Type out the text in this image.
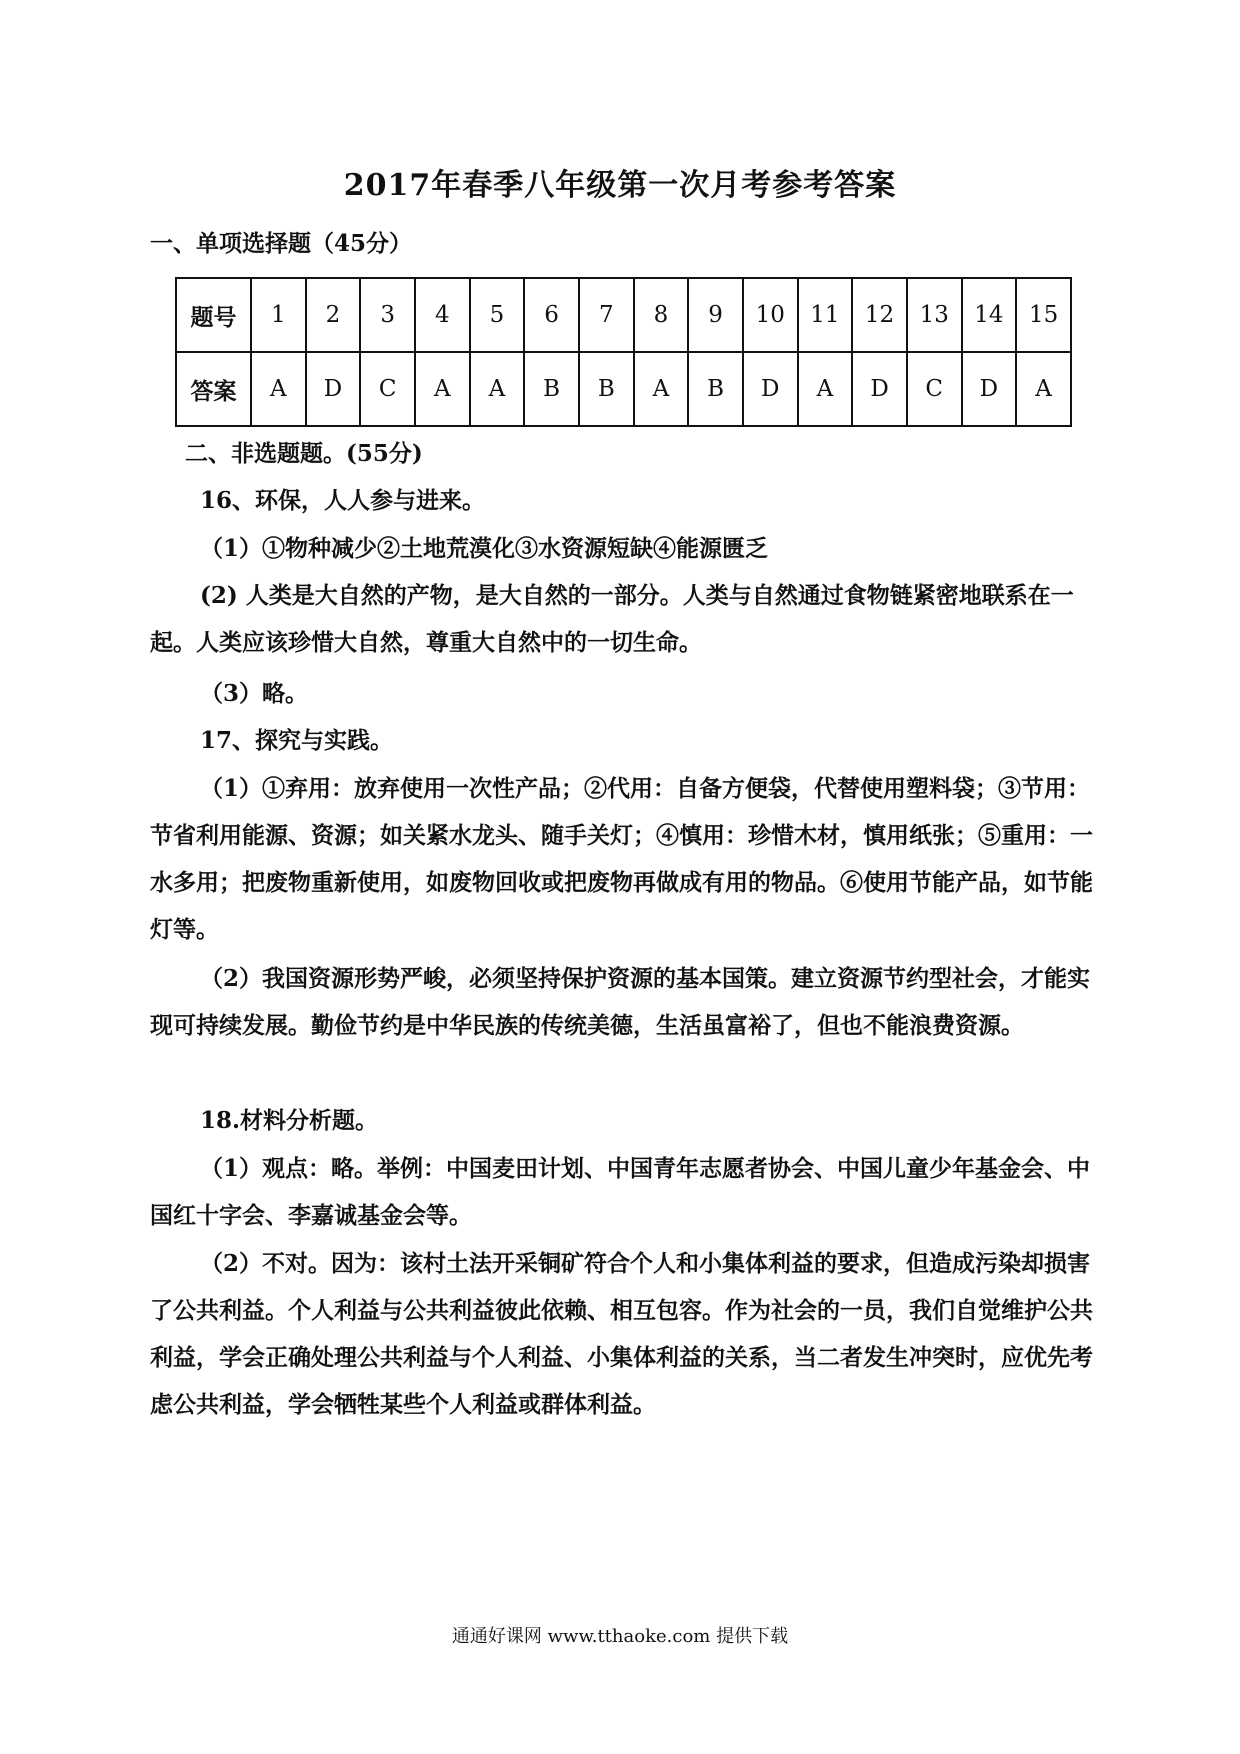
2017年春季八年级第一次月考参考答案
一、单项选择题（45分）
题号	1	2	3	4	5	6	7	8	9	10	11	12	13	14	15
答案	A	D	C	A	A	B	B	A	B	D	A	D	C	D	A
二、非选题题。(55分)
16、环保，人人参与进来。
（1）①物种减少②土地荒漠化③水资源短缺④能源匮乏
(2) 人类是大自然的产物，是大自然的一部分。人类与自然通过食物链紧密地联系在一起。人类应该珍惜大自然，尊重大自然中的一切生命。
（3）略。
17、探究与实践。
（1）①弃用：放弃使用一次性产品；②代用：自备方便袋，代替使用塑料袋；③节用：节省利用能源、资源；如关紧水龙头、随手关灯；④慎用：珍惜木材，慎用纸张；⑤重用：一水多用；把废物重新使用，如废物回收或把废物再做成有用的物品。⑥使用节能产品，如节能灯等。
（2）我国资源形势严峻，必须坚持保护资源的基本国策。建立资源节约型社会，才能实现可持续发展。勤俭节约是中华民族的传统美德，生活虽富裕了，但也不能浪费资源。
18.材料分析题。
（1）观点：略。举例：中国麦田计划、中国青年志愿者协会、中国儿童少年基金会、中国红十字会、李嘉诚基金会等。
（2）不对。因为：该村土法开采铜矿符合个人和小集体利益的要求，但造成污染却损害了公共利益。个人利益与公共利益彼此依赖、相互包容。作为社会的一员，我们自觉维护公共利益，学会正确处理公共利益与个人利益、小集体利益的关系，当二者发生冲突时，应优先考虑公共利益，学会牺牲某些个人利益或群体利益。
通通好课网 www.tthaoke.com 提供下载
